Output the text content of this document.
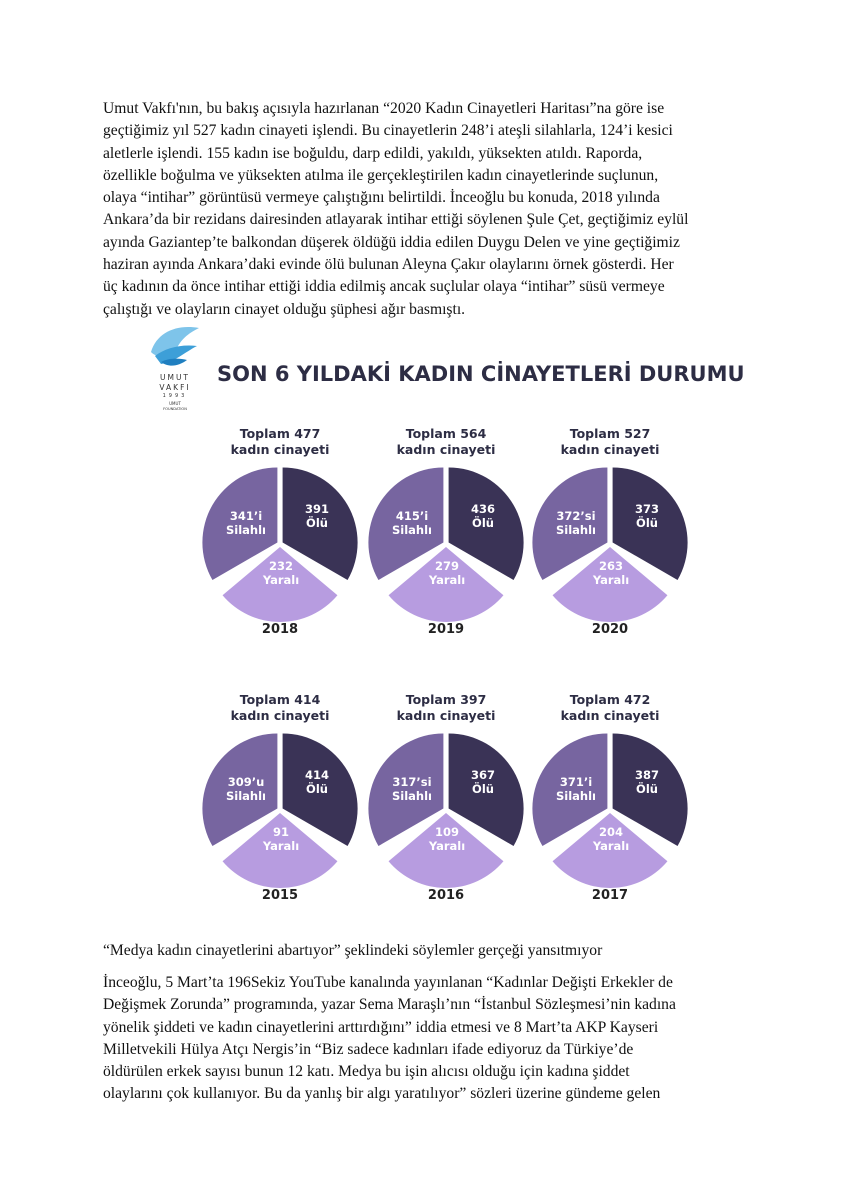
Umut Vakfı'nın, bu bakış açısıyla hazırlanan “2020 Kadın Cinayetleri Haritası”na göre ise
geçtiğimiz yıl 527 kadın cinayeti işlendi. Bu cinayetlerin 248’i ateşli silahlarla, 124’i kesici
aletlerle işlendi. 155 kadın ise boğuldu, darp edildi, yakıldı, yüksekten atıldı. Raporda,
özellikle boğulma ve yüksekten atılma ile gerçekleştirilen kadın cinayetlerinde suçlunun,
olaya “intihar” görüntüsü vermeye çalıştığını belirtildi. İnceoğlu bu konuda, 2018 yılında
Ankara’da bir rezidans dairesinden atlayarak intihar ettiği söylenen Şule Çet, geçtiğimiz eylül
ayında Gaziantep’te balkondan düşerek öldüğü iddia edilen Duygu Delen ve yine geçtiğimiz
haziran ayında Ankara’daki evinde ölü bulunan Aleyna Çakır olaylarını örnek gösterdi. Her
üç kadının da önce intihar ettiği iddia edilmiş ancak suçlular olaya “intihar” süsü vermeye
çalıştığı ve olayların cinayet olduğu şüphesi ağır basmıştı.

UMUT
VAKFI
1993
UMUT
FOUNDATION
SON 6 YILDAKİ KADIN CİNAYETLERİ DURUMU
Toplam 477
kadın cinayeti
341’i
Silahlı
391
Ölü
232
Yaralı
2018
Toplam 564
kadın cinayeti
415’i
Silahlı
436
Ölü
279
Yaralı
2019
Toplam 527
kadın cinayeti
372’si
Silahlı
373
Ölü
263
Yaralı
2020
Toplam 414
kadın cinayeti
309’u
Silahlı
414
Ölü
91
Yaralı
2015
Toplam 397
kadın cinayeti
317’si
Silahlı
367
Ölü
109
Yaralı
2016
Toplam 472
kadın cinayeti
371’i
Silahlı
387
Ölü
204
Yaralı
2017
“Medya kadın cinayetlerini abartıyor” şeklindeki söylemler gerçeği yansıtmıyor

İnceoğlu, 5 Mart’ta 196Sekiz YouTube kanalında yayınlanan “Kadınlar Değişti Erkekler de
Değişmek Zorunda” programında, yazar Sema Maraşlı’nın “İstanbul Sözleşmesi’nin kadına
yönelik şiddeti ve kadın cinayetlerini arttırdığını” iddia etmesi ve 8 Mart’ta AKP Kayseri
Milletvekili Hülya Atçı Nergis’in “Biz sadece kadınları ifade ediyoruz da Türkiye’de
öldürülen erkek sayısı bunun 12 katı. Medya bu işin alıcısı olduğu için kadına şiddet
olaylarını çok kullanıyor. Bu da yanlış bir algı yaratılıyor” sözleri üzerine gündeme gelen
